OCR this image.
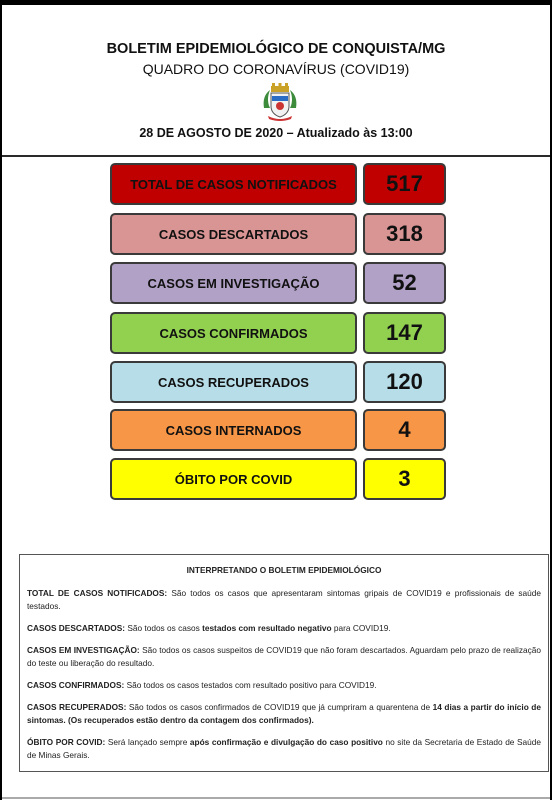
BOLETIM EPIDEMIOLÓGICO DE CONQUISTA/MG
QUADRO DO CORONAVÍRUS (COVID19)
28 DE AGOSTO DE 2020 – Atualizado às 13:00
TOTAL DE CASOS NOTIFICADOS	517
CASOS DESCARTADOS	318
CASOS EM INVESTIGAÇÃO	52
CASOS CONFIRMADOS	147
CASOS RECUPERADOS	120
CASOS INTERNADOS	4
ÓBITO POR COVID	3
INTERPRETANDO O BOLETIM EPIDEMIOLÓGICO

TOTAL DE CASOS NOTIFICADOS: São todos os casos que apresentaram sintomas gripais de COVID19 e profissionais de saúde testados.

CASOS DESCARTADOS: São todos os casos testados com resultado negativo para COVID19.

CASOS EM INVESTIGAÇÃO: São todos os casos suspeitos de COVID19 que não foram descartados. Aguardam pelo prazo de realização do teste ou liberação do resultado.

CASOS CONFIRMADOS: São todos os casos testados com resultado positivo para COVID19.

CASOS RECUPERADOS: São todos os casos confirmados de COVID19 que já cumpriram a quarentena de 14 dias a partir do início de sintomas. (Os recuperados estão dentro da contagem dos confirmados).

ÓBITO POR COVID: Será lançado sempre após confirmação e divulgação do caso positivo no site da Secretaria de Estado de Saúde de Minas Gerais.
